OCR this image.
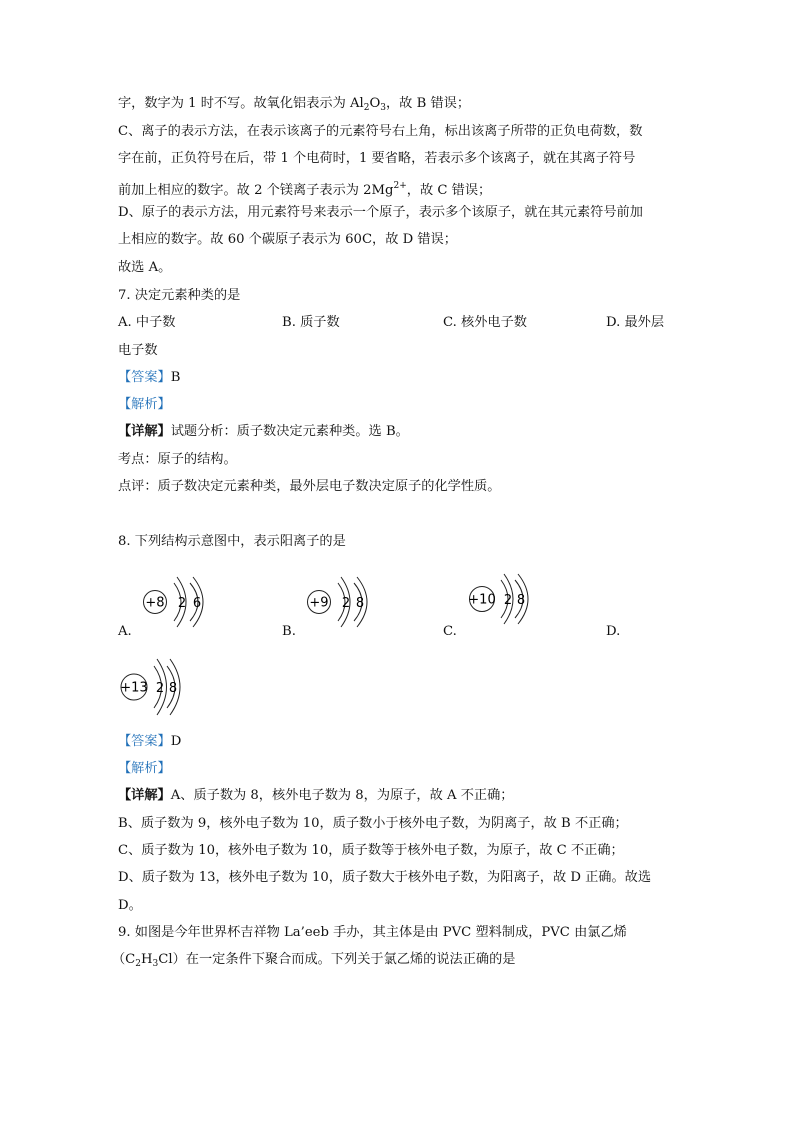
字，数字为 1 时不写。故氧化铝表示为 $Al_2O_3$，故 B 错误；
C、离子的表示方法，在表示该离子的元素符号右上角，标出该离子所带的正负电荷数，数
字在前，正负符号在后，带 1 个电荷时，1 要省略，若表示多个该离子，就在其离子符号
前加上相应的数字。故 2 个镁离子表示为 $2Mg^{2+}$，故 C 错误；
D、原子的表示方法，用元素符号来表示一个原子，表示多个该原子，就在其元素符号前加
上相应的数字。故 60 个碳原子表示为 60C，故 D 错误；
故选 A。
7. 决定元素种类的是
A. 中子数	B. 质子数	C. 核外电子数	D. 最外层
电子数
【答案】B
【解析】
【详解】试题分析：质子数决定元素种类。选 B。
考点：原子的结构。
点评：质子数决定元素种类，最外层电子数决定原子的化学性质。
8. 下列结构示意图中，表示阳离子的是
+8 2 6
A.
+9 2 8
B.
+10 2 8
C.	D.
+13 2 8
【答案】D
【解析】
【详解】A、质子数为 8，核外电子数为 8，为原子，故 A 不正确；
B、质子数为 9，核外电子数为 10，质子数小于核外电子数，为阴离子，故 B 不正确；
C、质子数为 10，核外电子数为 10，质子数等于核外电子数，为原子，故 C 不正确；
D、质子数为 13，核外电子数为 10，质子数大于核外电子数，为阳离子，故 D 正确。故选
D。
9. 如图是今年世界杯吉祥物 La’eeb 手办，其主体是由 PVC 塑料制成，PVC 由氯乙烯
$(C_2H_3Cl)$在一定条件下聚合而成。下列关于氯乙烯的说法正确的是
